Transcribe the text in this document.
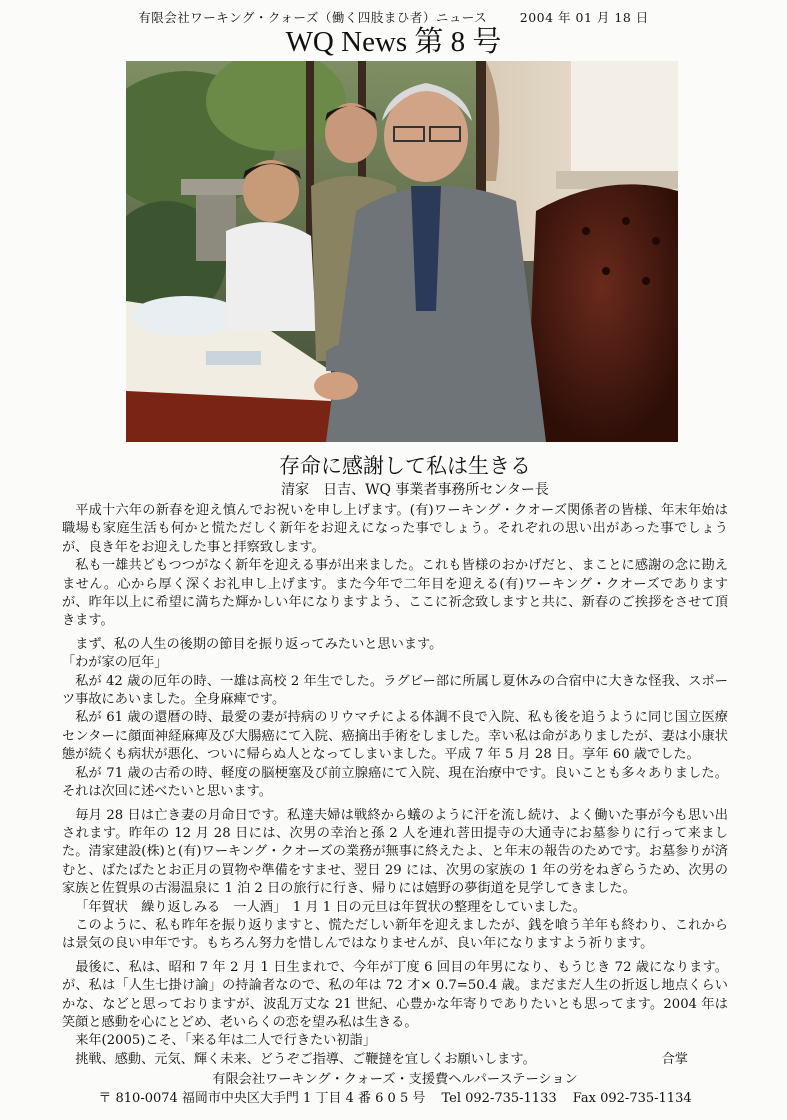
有限会社ワーキング・クォーズ（働く四肢まひ者）ニュース	2004 年 01 月 18 日
WQ News 第 8 号
存命に感謝して私は生きる
清家　日吉、WQ 事業者事務所センター長

平成十六年の新春を迎え慎んでお祝いを申し上げます。(有)ワーキング・クオーズ関係者の皆様、年末年始は職場も家庭生活も何かと慌ただしく新年をお迎えになった事でしょう。それぞれの思い出があった事でしょうが、良き年をお迎えした事と拝察致します。

私も一雄共どもつつがなく新年を迎える事が出来ました。これも皆様のおかげだと、まことに感謝の念に勘えません。心から厚く深くお礼申し上げます。また今年で二年目を迎える(有)ワーキング・クオーズでありますが、昨年以上に希望に満ちた輝かしい年になりますよう、ここに祈念致しますと共に、新春のご挨拶をさせて頂きます。

まず、私の人生の後期の節目を振り返ってみたいと思います。

「わが家の厄年」

私が 42 歳の厄年の時、一雄は高校 2 年生でした。ラグビー部に所属し夏休みの合宿中に大きな怪我、スポーツ事故にあいました。全身麻痺です。

私が 61 歳の還暦の時、最愛の妻が持病のリウマチによる体調不良で入院、私も後を追うように同じ国立医療センターに顔面神経麻痺及び大腸癌にて入院、癌摘出手術をしました。幸い私は命がありましたが、妻は小康状態が続くも病状が悪化、ついに帰らぬ人となってしまいました。平成 7 年 5 月 28 日。享年 60 歳でした。

私が 71 歳の古希の時、軽度の脳梗塞及び前立腺癌にて入院、現在治療中です。良いことも多々ありました。それは次回に述べたいと思います。

毎月 28 日は亡き妻の月命日です。私達夫婦は戦終から蟻のように汗を流し続け、よく働いた事が今も思い出されます。昨年の 12 月 28 日には、次男の幸治と孫 2 人を連れ菩田提寺の大通寺にお墓参りに行って来ました。清家建設(株)と(有)ワーキング・クオーズの業務が無事に終えたよ、と年末の報告のためです。お墓参りが済むと、ばたばたとお正月の買物や準備をすませ、翌日 29 には、次男の家族の 1 年の労をねぎらうため、次男の家族と佐賀県の古湯温泉に 1 泊 2 日の旅行に行き、帰りには嬉野の夢街道を見学してきました。

「年賀状　繰り返しみる　一人酒」　1 月 1 日の元旦は年賀状の整理をしていました。

このように、私も昨年を振り返りますと、慌ただしい新年を迎えましたが、銭を喰う羊年も終わり、これからは景気の良い申年です。もちろん努力を惜しんではなりませんが、良い年になりますよう祈ります。

最後に、私は、昭和 7 年 2 月 1 日生まれで、今年が丁度 6 回目の年男になり、もうじき 72 歳になります。が、私は「人生七掛け論」の持論者なので、私の年は 72 才× 0.7=50.4 歳。まだまだ人生の折返し地点くらいかな、などと思っておりますが、波乱万丈な 21 世紀、心豊かな年寄りでありたいとも思ってます。2004 年は笑顔と感動を心にとどめ、老いらくの恋を望み私は生きる。

来年(2005)こそ、「来る年は二人で行きたい初詣」

挑戦、感動、元気、輝く未来、どうぞご指導、ご鞭撻を宜しくお願いします。	合掌
有限会社ワーキング・クォーズ・支援費ヘルパーステーション
〒 810-0074 福岡市中央区大手門 1 丁目 4 番 6 0 5 号 Tel 092-735-1133 Fax 092-735-1134
